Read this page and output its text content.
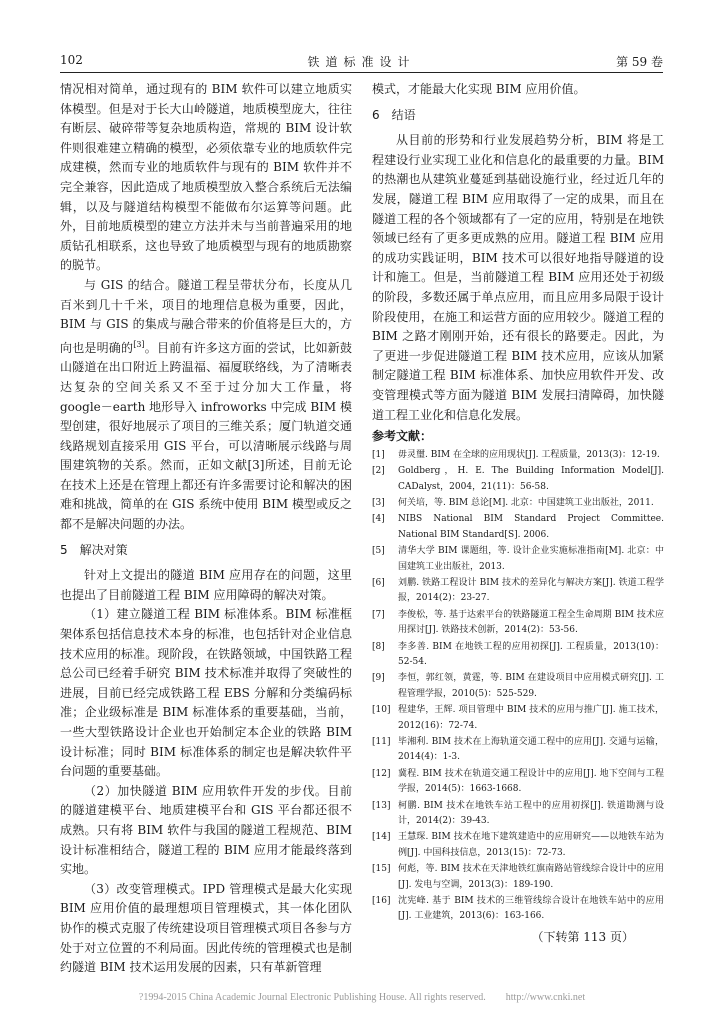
102	铁道标准设计	第 59 卷

情况相对简单，通过现有的 BIM 软件可以建立地质实体模型。但是对于长大山岭隧道，地质模型庞大，往往有断层、破碎带等复杂地质构造，常规的 BIM 设计软件则很难建立精确的模型，必须依靠专业的地质软件完成建模，然而专业的地质软件与现有的 BIM 软件并不完全兼容，因此造成了地质模型放入整合系统后无法编辑，以及与隧道结构模型不能做布尔运算等问题。此外，目前地质模型的建立方法并未与当前普遍采用的地质钻孔相联系，这也导致了地质模型与现有的地质勘察的脱节。

与 GIS 的结合。隧道工程呈带状分布，长度从几百米到几十千米，项目的地理信息极为重要，因此，BIM 与 GIS 的集成与融合带来的价值将是巨大的，方向也是明确的[3]。目前有许多这方面的尝试，比如新鼓山隧道在出口附近上跨温福、福厦联络线，为了清晰表达复杂的空间关系又不至于过分加大工作量，将 google－earth 地形导入 infroworks 中完成 BIM 模型创建，很好地展示了项目的三维关系；厦门轨道交通线路规划直接采用 GIS 平台，可以清晰展示线路与周围建筑物的关系。然而，正如文献[3]所述，目前无论在技术上还是在管理上都还有许多需要讨论和解决的困难和挑战，简单的在 GIS 系统中使用 BIM 模型或反之都不是解决问题的办法。

5　解决对策

针对上文提出的隧道 BIM 应用存在的问题，这里也提出了目前隧道工程 BIM 应用障碍的解决对策。

（1）建立隧道工程 BIM 标准体系。BIM 标准框架体系包括信息技术本身的标准，也包括针对企业信息技术应用的标准。现阶段，在铁路领域，中国铁路工程总公司已经着手研究 BIM 技术标准并取得了突破性的进展，目前已经完成铁路工程 EBS 分解和分类编码标准；企业级标准是 BIM 标准体系的重要基础，当前，一些大型铁路设计企业也开始制定本企业的铁路 BIM 设计标准；同时 BIM 标准体系的制定也是解决软件平台问题的重要基础。

（2）加快隧道 BIM 应用软件开发的步伐。目前的隧道建模平台、地质建模平台和 GIS 平台都还很不成熟。只有将 BIM 软件与我国的隧道工程规范、BIM 设计标准相结合，隧道工程的 BIM 应用才能最终落到实地。

（3）改变管理模式。IPD 管理模式是最大化实现 BIM 应用价值的最理想项目管理模式，其一体化团队协作的模式克服了传统建设项目管理模式项目各参与方处于对立位置的不利局面。因此传统的管理模式也是制约隧道 BIM 技术运用发展的因素，只有革新管理

模式，才能最大化实现 BIM 应用价值。

6　结语

从目前的形势和行业发展趋势分析，BIM 将是工程建设行业实现工业化和信息化的最重要的力量。BIM 的热潮也从建筑业蔓延到基础设施行业，经过近几年的发展，隧道工程 BIM 应用取得了一定的成果，而且在隧道工程的各个领域都有了一定的应用，特别是在地铁领域已经有了更多更成熟的应用。隧道工程 BIM 应用的成功实践证明，BIM 技术可以很好地指导隧道的设计和施工。但是，当前隧道工程 BIM 应用还处于初级的阶段，多数还属于单点应用，而且应用多局限于设计阶段使用，在施工和运营方面的应用较少。隧道工程的 BIM 之路才刚刚开始，还有很长的路要走。因此，为了更进一步促进隧道工程 BIM 技术应用，应该从加紧制定隧道工程 BIM 标准体系、加快应用软件开发、改变管理模式等方面为隧道 BIM 发展扫清障碍，加快隧道工程工业化和信息化发展。

参考文献：
[1]	毋灵璽. BIM 在全球的应用现状[J]. 工程质量，2013(3)：12-19.
[2]	Goldberg，H. E. The Building Information Model[J]. CADalyst，2004，21(11)：56-58.
[3]	何关培，等. BIM 总论[M]. 北京：中国建筑工业出版社，2011.
[4]	NIBS National BIM Standard Project Committee. National BIM Standard[S]. 2006.
[5]	清华大学 BIM 课题组，等. 设计企业实施标准指南[M]. 北京：中国建筑工业出版社，2013.
[6]	刘鹏. 铁路工程设计 BIM 技术的差异化与解决方案[J]. 铁道工程学报，2014(2)：23-27.
[7]	李俊松，等. 基于达索平台的铁路隧道工程全生命周期 BIM 技术应用探讨[J]. 铁路技术创新，2014(2)：53-56.
[8]	李多善. BIM 在地铁工程的应用初探[J]. 工程质量，2013(10)：52-54.
[9]	李恒，郭红领，黄霆，等. BIM 在建设项目中应用模式研究[J]. 工程管理学报，2010(5)：525-529.
[10] 程建华，王辉. 项目管理中 BIM 技术的应用与推广[J]. 施工技术，2012(16)：72-74.
[11] 毕湘利. BIM 技术在上海轨道交通工程中的应用[J]. 交通与运输，2014(4)：1-3.
[12] 冀程. BIM 技术在轨道交通工程设计中的应用[J]. 地下空间与工程学报，2014(5)：1663-1668.
[13] 柯鹏. BIM 技术在地铁车站工程中的应用初探[J]. 铁道勘测与设计，2014(2)：39-43.
[14] 王慧琛. BIM 技术在地下建筑建造中的应用研究——以地铁车站为例[J]. 中国科技信息，2013(15)：72-73.
[15] 何彪，等. BIM 技术在天津地铁红旗南路站管线综合设计中的应用[J]. 发电与空调，2013(3)：189-190.
[16] 沈宪峰. 基于 BIM 技术的三维管线综合设计在地铁车站中的应用[J]. 工业建筑，2013(6)：163-166.
（下转第 113 页）
?1994-2015 China Academic Journal Electronic Publishing House. All rights reserved.　　http://www.cnki.net
